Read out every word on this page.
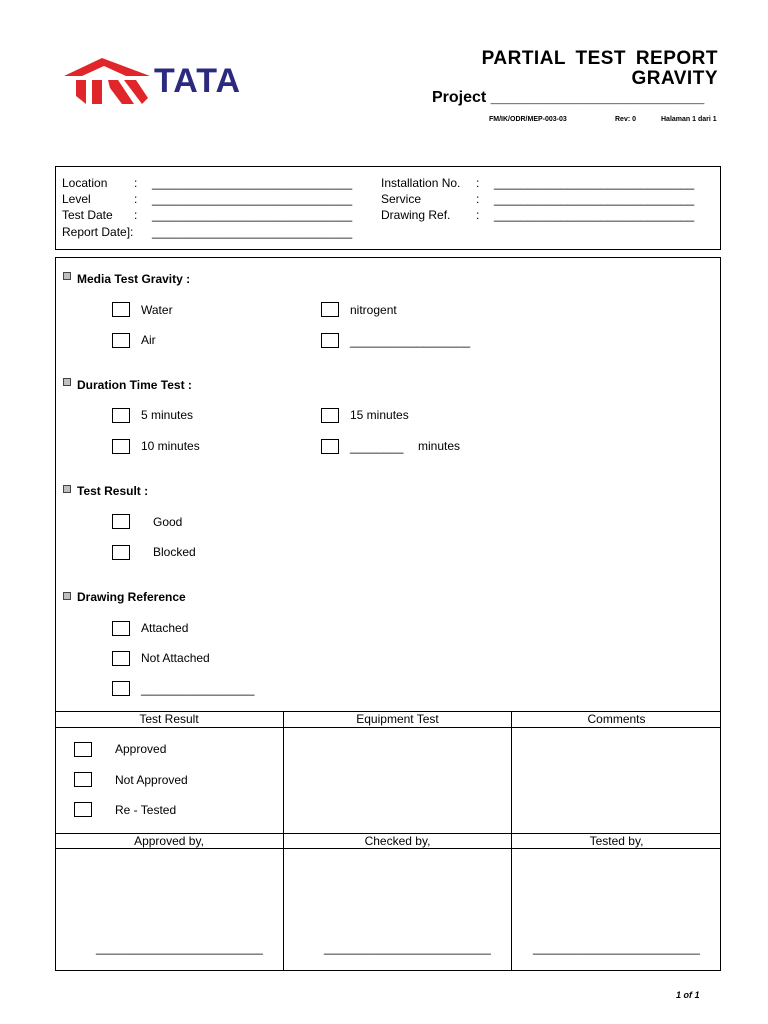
TATA
PARTIAL TEST REPORT
GRAVITY
Project ________________________
FM/IK/ODR/MEP-003-03	Rev: 0	Halaman 1 dari 1
Location : ______________________________
Level	: ______________________________
Test Date : ______________________________
Report Date]: ______________________________
Installation No. : ______________________________
Service	: ______________________________
Drawing Ref. : ______________________________
Media Test Gravity :
Water
Air
nitrogent
__________________
Duration Time Test :
5 minutes
10 minutes
15 minutes
________ minutes
Test Result :
Good
Blocked
Drawing Reference
Attached
Not Attached
_________________
Test Result	Equipment Test	Comments
Approved
Not Approved
Re - Tested
Approved by,	Checked by,	Tested by,
_________________________	_________________________	_________________________
1 of 1
